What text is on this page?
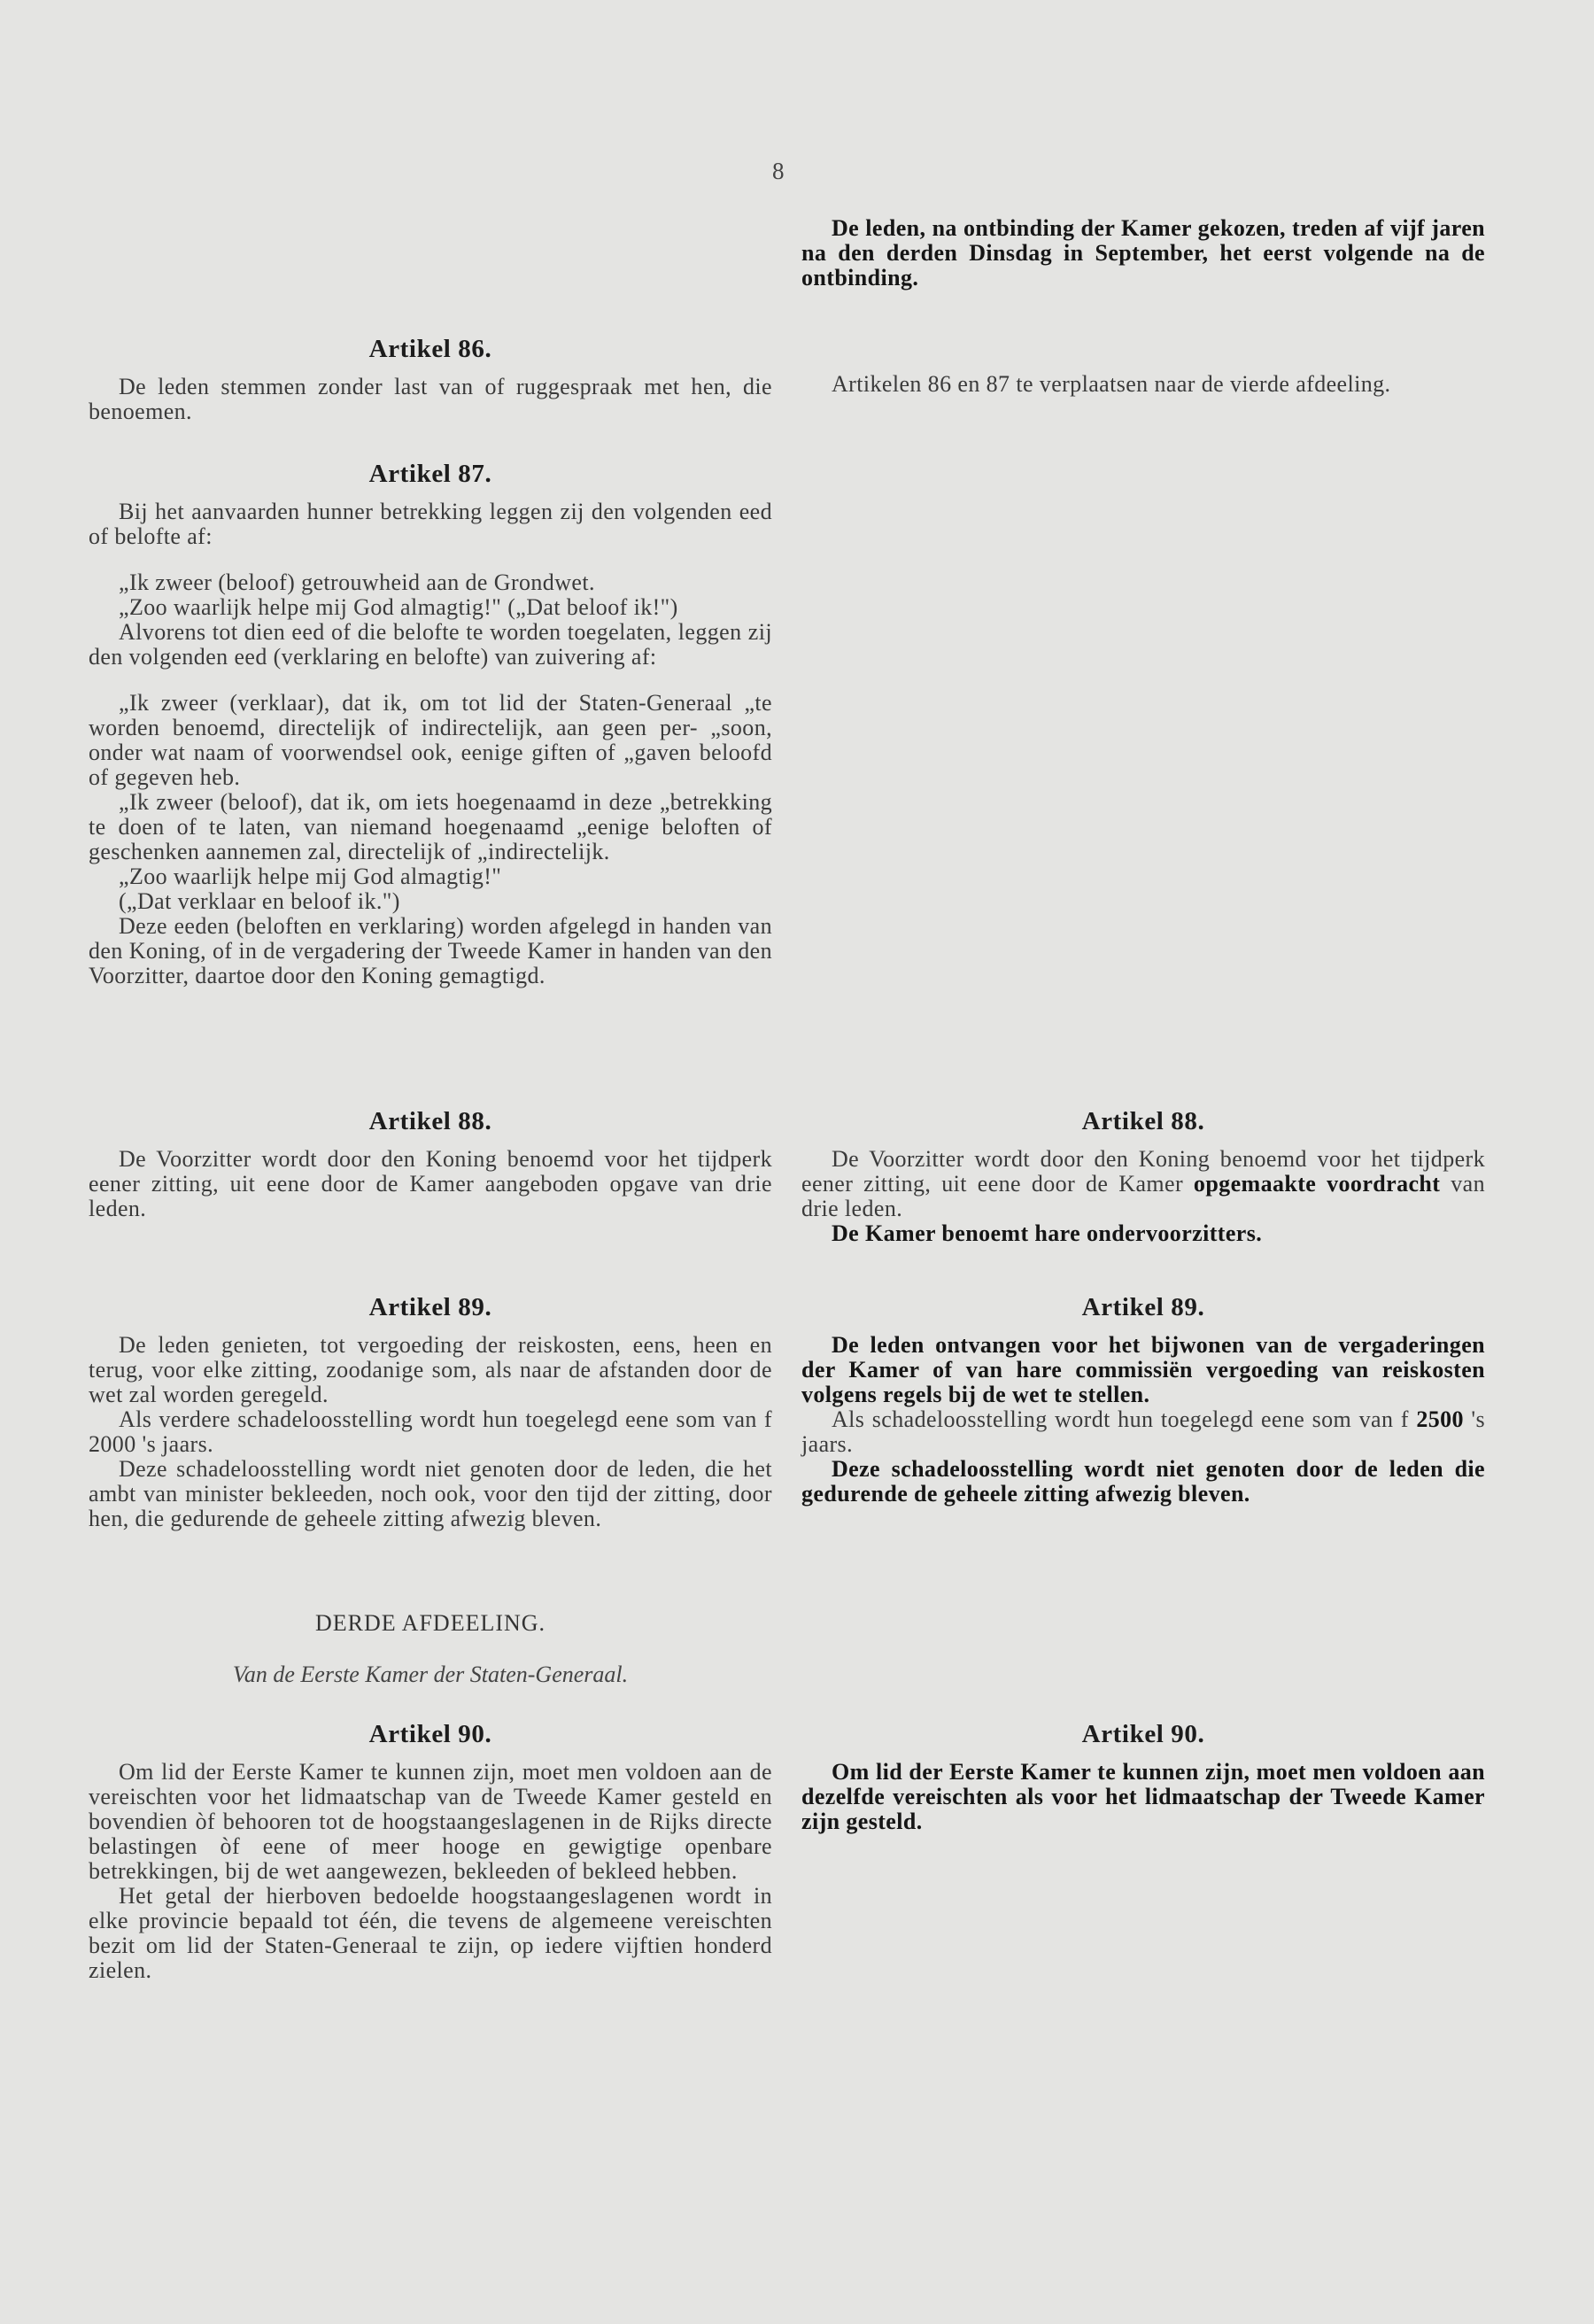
8

De leden, na ontbinding der Kamer gekozen, treden af vijf jaren na den derden Dinsdag in September, het eerst volgende na de ontbinding.

Artikel 86.

De leden stemmen zonder last van of ruggespraak met hen, die benoemen.

Artikel 87.

Bij het aanvaarden hunner betrekking leggen zij den volgenden eed of belofte af:

„Ik zweer (beloof) getrouwheid aan de Grondwet.

„Zoo waarlijk helpe mij God almagtig!" („Dat beloof ik!")

Alvorens tot dien eed of die belofte te worden toegelaten, leggen zij den volgenden eed (verklaring en belofte) van zuivering af:

„Ik zweer (verklaar), dat ik, om tot lid der Staten-Generaal „te worden benoemd, directelijk of indirectelijk, aan geen per- „soon, onder wat naam of voorwendsel ook, eenige giften of „gaven beloofd of gegeven heb.

„Ik zweer (beloof), dat ik, om iets hoegenaamd in deze „betrekking te doen of te laten, van niemand hoegenaamd „eenige beloften of geschenken aannemen zal, directelijk of „indirectelijk.

„Zoo waarlijk helpe mij God almagtig!"

(„Dat verklaar en beloof ik.")

Deze eeden (beloften en verklaring) worden afgelegd in handen van den Koning, of in de vergadering der Tweede Kamer in handen van den Voorzitter, daartoe door den Koning gemagtigd.

Artikel 88.

De Voorzitter wordt door den Koning benoemd voor het tijdperk eener zitting, uit eene door de Kamer aangeboden opgave van drie leden.

Artikel 89.

De leden genieten, tot vergoeding der reiskosten, eens, heen en terug, voor elke zitting, zoodanige som, als naar de afstanden door de wet zal worden geregeld.

Als verdere schadeloosstelling wordt hun toegelegd eene som van f 2000 's jaars.

Deze schadeloosstelling wordt niet genoten door de leden, die het ambt van minister bekleeden, noch ook, voor den tijd der zitting, door hen, die gedurende de geheele zitting afwezig bleven.

DERDE AFDEELING.
Van de Eerste Kamer der Staten-Generaal.
Artikel 90.

Om lid der Eerste Kamer te kunnen zijn, moet men voldoen aan de vereischten voor het lidmaatschap van de Tweede Kamer gesteld en bovendien òf behooren tot de hoogstaangeslagenen in de Rijks directe belastingen òf eene of meer hooge en gewigtige openbare betrekkingen, bij de wet aangewezen, bekleeden of bekleed hebben.

Het getal der hierboven bedoelde hoogstaangeslagenen wordt in elke provincie bepaald tot één, die tevens de algemeene vereischten bezit om lid der Staten-Generaal te zijn, op iedere vijftien honderd zielen.

Artikelen 86 en 87 te verplaatsen naar de vierde afdeeling.

Artikel 88.

De Voorzitter wordt door den Koning benoemd voor het tijdperk eener zitting, uit eene door de Kamer opgemaakte voordracht van drie leden.

De Kamer benoemt hare ondervoorzitters.

Artikel 89.

De leden ontvangen voor het bijwonen van de vergaderingen der Kamer of van hare commissiën vergoeding van reiskosten volgens regels bij de wet te stellen.

Als schadeloosstelling wordt hun toegelegd eene som van f 2500 's jaars.

Deze schadeloosstelling wordt niet genoten door de leden die gedurende de geheele zitting afwezig bleven.

Artikel 90.

Om lid der Eerste Kamer te kunnen zijn, moet men voldoen aan dezelfde vereischten als voor het lidmaatschap der Tweede Kamer zijn gesteld.
